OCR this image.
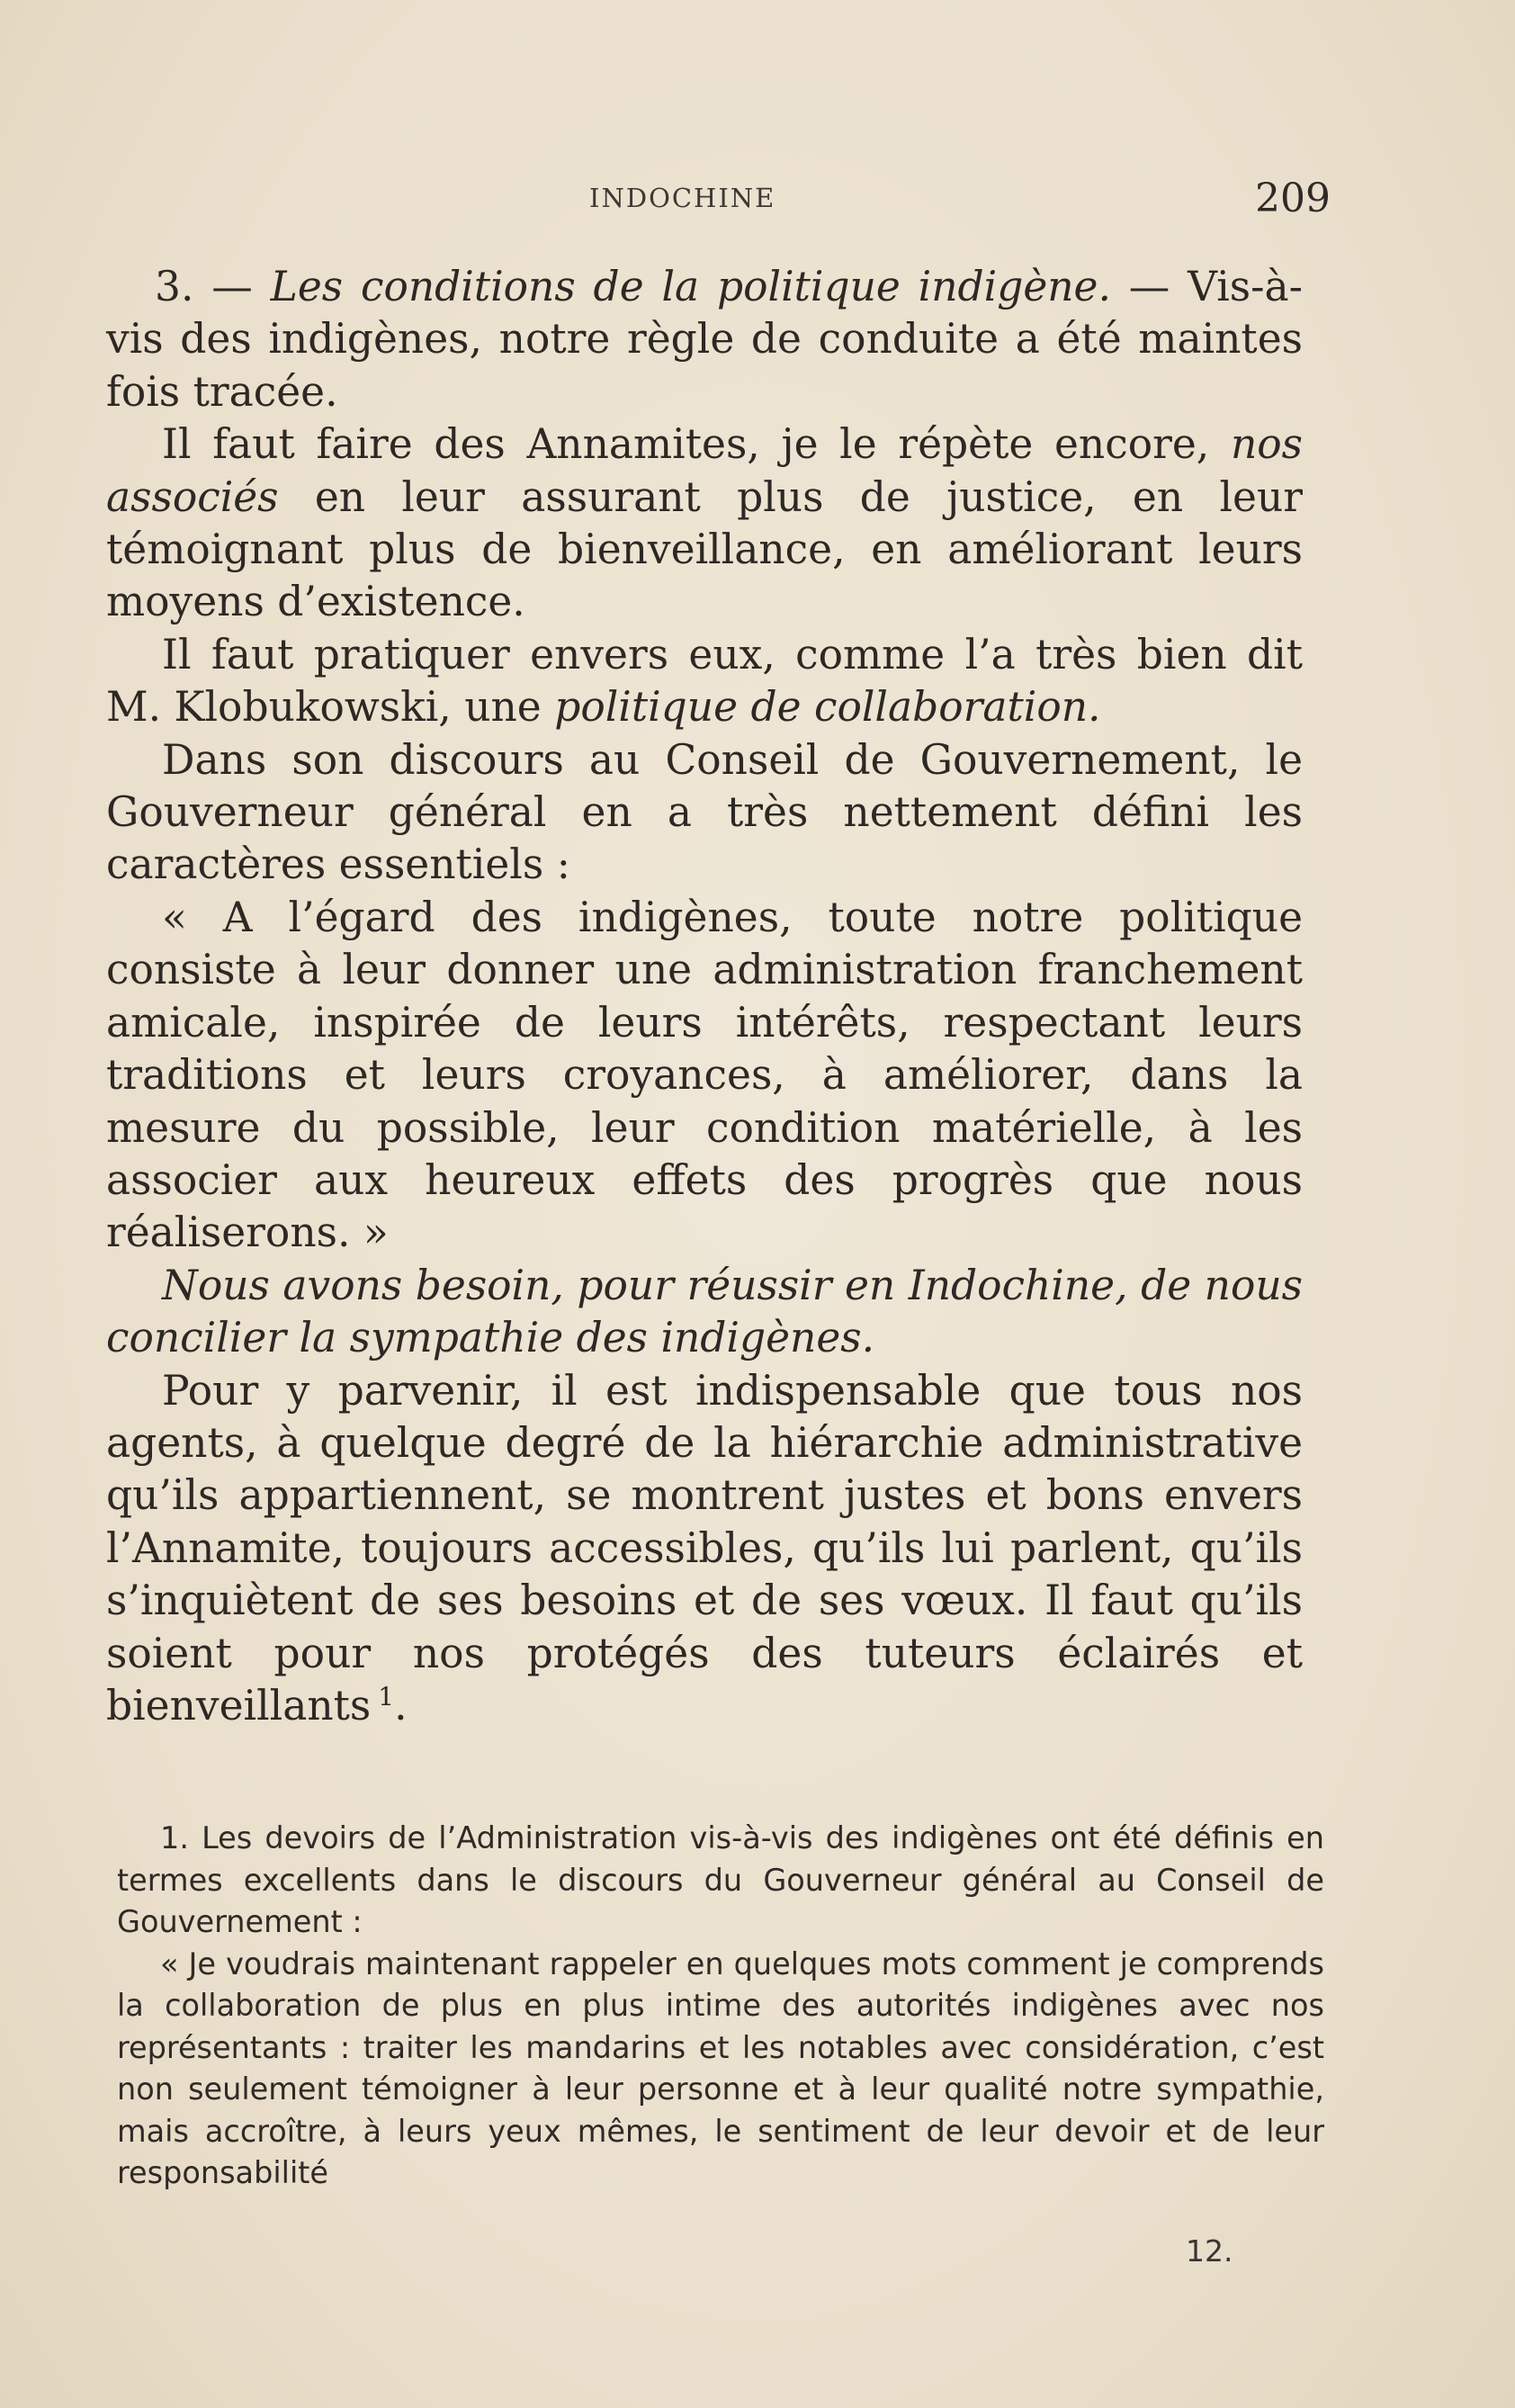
INDOCHINE	209

3. — Les conditions de la politique indigène. — Vis-à-vis des indigènes, notre règle de conduite a été maintes fois tracée.

Il faut faire des Annamites, je le répète encore, nos associés en leur assurant plus de justice, en leur témoignant plus de bienveillance, en améliorant leurs moyens d’existence.

Il faut pratiquer envers eux, comme l’a très bien dit M. Klobukowski, une politique de collaboration.

Dans son discours au Conseil de Gouvernement, le Gouverneur général en a très nettement défini les caractères essentiels :

« A l’égard des indigènes, toute notre politique consiste à leur donner une administration franchement amicale, inspirée de leurs intérêts, respectant leurs traditions et leurs croyances, à améliorer, dans la mesure du possible, leur condition matérielle, à les associer aux heureux effets des progrès que nous réaliserons. »

Nous avons besoin, pour réussir en Indochine, de nous concilier la sympathie des indigènes.

Pour y parvenir, il est indispensable que tous nos agents, à quelque degré de la hiérarchie administrative qu’ils appartiennent, se montrent justes et bons envers l’Annamite, toujours accessibles, qu’ils lui parlent, qu’ils s’inquiètent de ses besoins et de ses vœux. Il faut qu’ils soient pour nos protégés des tuteurs éclairés et bienveillants $^1$.

1. Les devoirs de l’Administration vis-à-vis des indigènes ont été définis en termes excellents dans le discours du Gouverneur général au Conseil de Gouvernement :

« Je voudrais maintenant rappeler en quelques mots comment je comprends la collaboration de plus en plus intime des autorités indigènes avec nos représentants : traiter les mandarins et les notables avec considération, c’est non seulement témoigner à leur personne et à leur qualité notre sympathie, mais accroître, à leurs yeux mêmes, le sentiment de leur devoir et de leur responsabilité

12.
